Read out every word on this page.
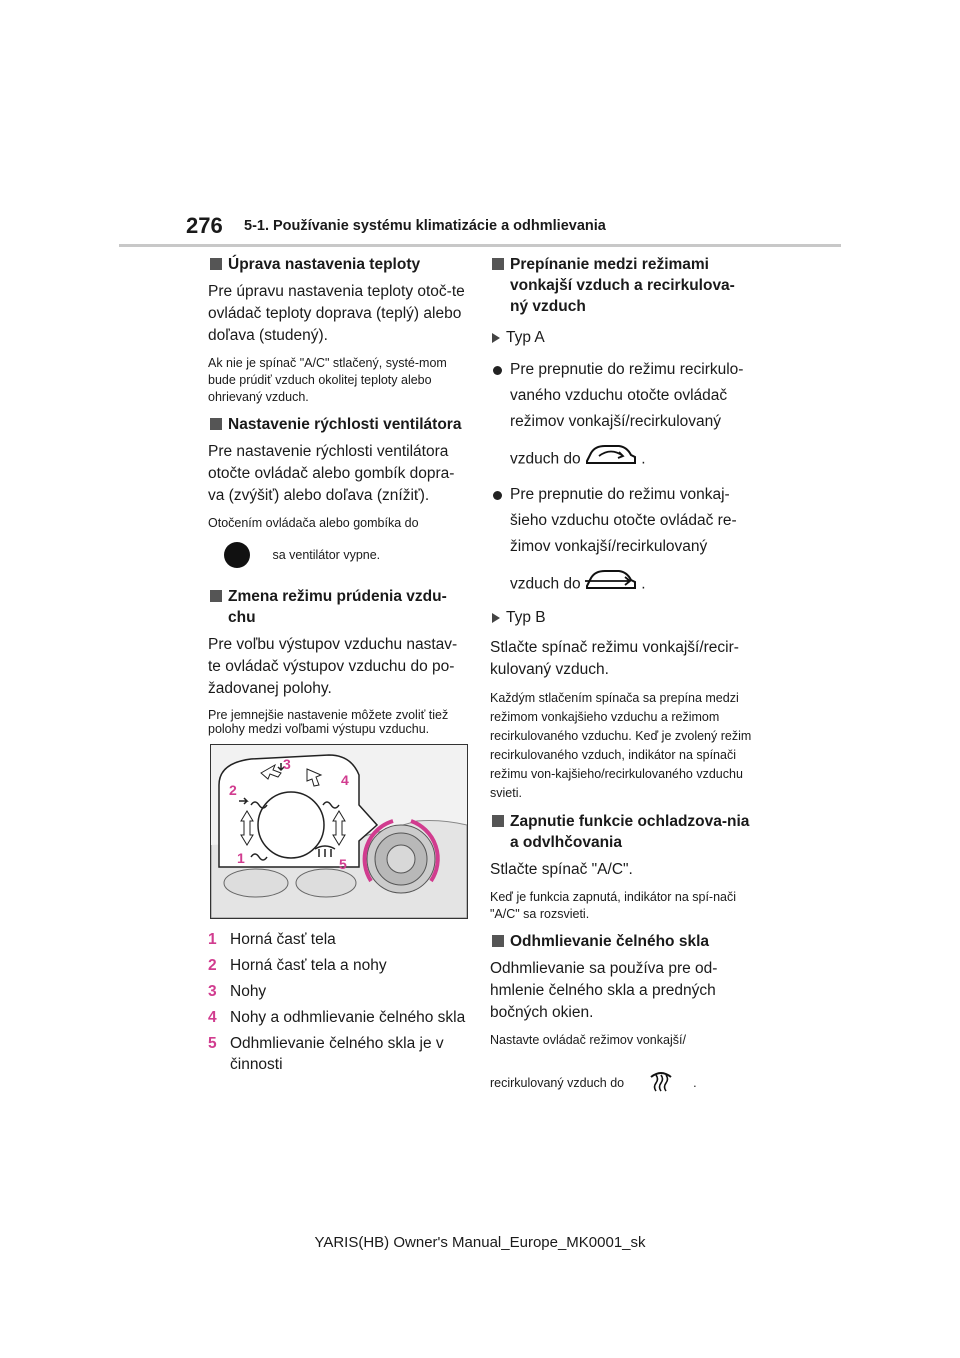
276 5-1. Používanie systému klimatizácie a odhmlievania
Úprava nastavenia teploty
Pre úpravu nastavenia teploty otoč-te ovládač teploty doprava (teplý) alebo doľava (studený).
Ak nie je spínač "A/C" stlačený, systé-mom bude prúdiť vzduch okolitej teploty alebo ohrievaný vzduch.
Nastavenie rýchlosti ventilátora
Pre nastavenie rýchlosti ventilátora otočte ovládač alebo gombík dopra-va (zvýšiť) alebo doľava (znížiť).
Otočením ovládača alebo gombíka do
sa ventilátor vypne.
Zmena režimu prúdenia vzdu-chu
Pre voľbu výstupov vzduchu nastav-te ovládač výstupov vzduchu do po-žadovanej polohy.
Pre jemnejšie nastavenie môžete zvoliť tiež polohy medzi voľbami výstupu vzduchu.
2
3
4
1	5
1 Horná časť tela
2 Horná časť tela a nohy
3 Nohy
4 Nohy a odhmlievanie čelného skla
5 Odhmlievanie čelného skla je v činnosti
Prepínanie medzi režimami vonkajší vzduch a recirkulova-ný vzduch
Typ A
Pre prepnutie do režimu recirkulo-vaného vzduchu otočte ovládač režimov vonkajší/recirkulovaný
vzduch do	.
Pre prepnutie do režimu vonkaj-šieho vzduchu otočte ovládač re-žimov vonkajší/recirkulovaný
vzduch do	.
Typ B
Stlačte spínač režimu vonkajší/recir-kulovaný vzduch.
Každým stlačením spínača sa prepína medzi režimom vonkajšieho vzduchu a režimom recirkulovaného vzduchu. Keď je zvolený režim recirkulovaného vzduch, indikátor na spínači režimu von-kajšieho/recirkulovaného vzduchu svieti.
Zapnutie funkcie ochladzova-nia a odvlhčovania
Stlačte spínač "A/C".
Keď je funkcia zapnutá, indikátor na spí-nači "A/C" sa rozsvieti.
Odhmlievanie čelného skla
Odhmlievanie sa používa pre od-hmlenie čelného skla a predných bočných okien.
Nastavte ovládač režimov vonkajší/
recirkulovaný vzduch do	.
YARIS(HB) Owner's Manual_Europe_MK0001_sk
